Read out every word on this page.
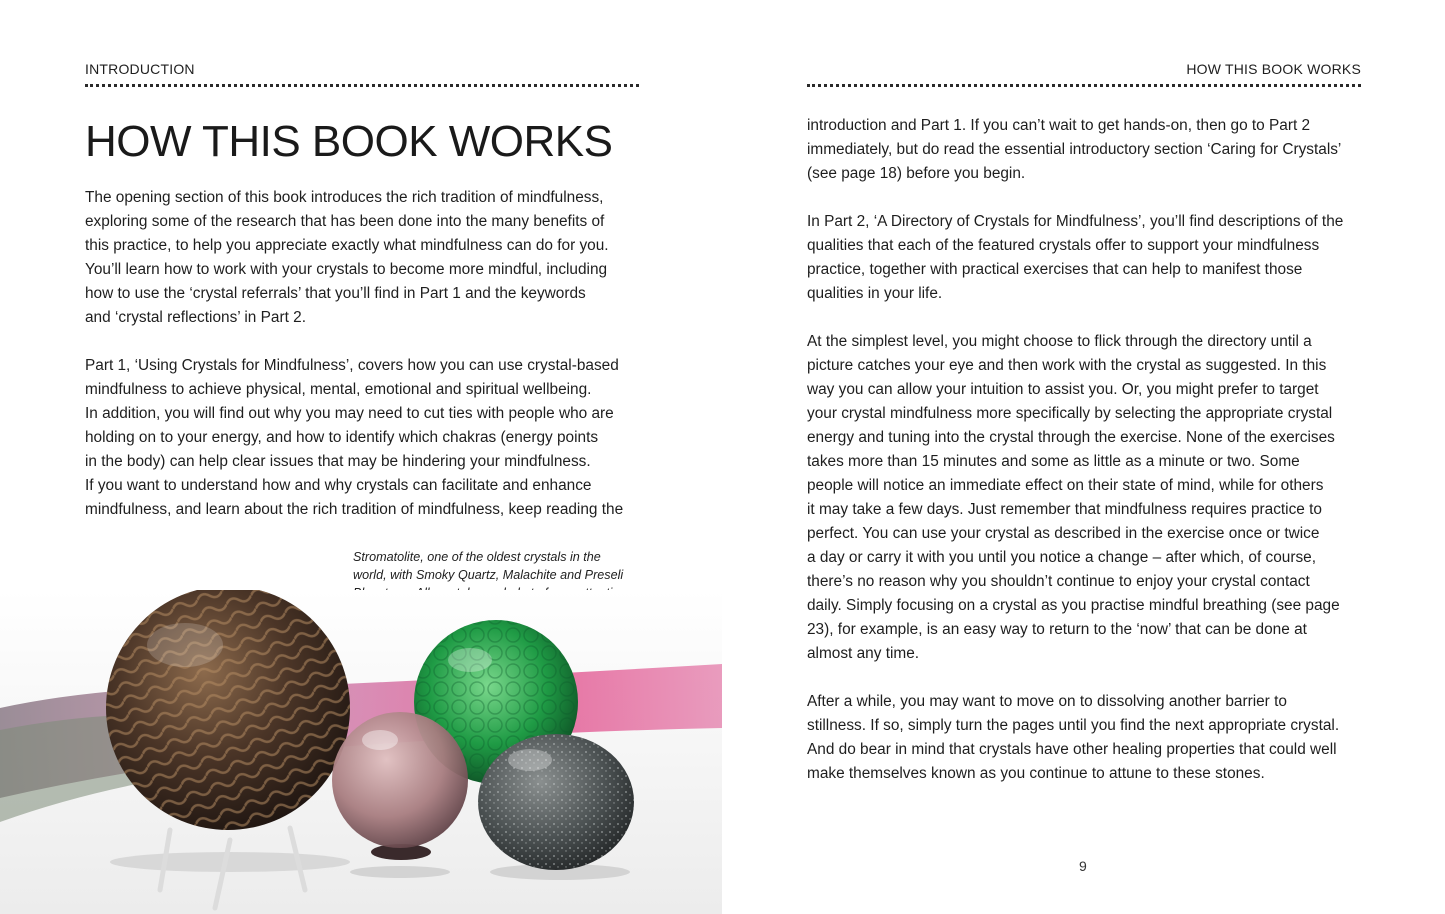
INTRODUCTION
HOW THIS BOOK WORKS

The opening section of this book introduces the rich tradition of mindfulness,
exploring some of the research that has been done into the many benefits of
this practice, to help you appreciate exactly what mindfulness can do for you.
You’ll learn how to work with your crystals to become more mindful, including
how to use the ‘crystal referrals’ that you’ll find in Part 1 and the keywords
and ‘crystal reflections’ in Part 2.

Part 1, ‘Using Crystals for Mindfulness’, covers how you can use crystal-based
mindfulness to achieve physical, mental, emotional and spiritual wellbeing.
In addition, you will find out why you may need to cut ties with people who are
holding on to your energy, and how to identify which chakras (energy points
in the body) can help clear issues that may be hindering your mindfulness.
If you want to understand how and why crystals can facilitate and enhance
mindfulness, and learn about the rich tradition of mindfulness, keep reading the

Stromatolite, one of the oldest crystals in the
world, with Smoky Quartz, Malachite and Preseli
HOW THIS BOOK WORKS

introduction and Part 1. If you can’t wait to get hands-on, then go to Part 2
immediately, but do read the essential introductory section ‘Caring for Crystals’
(see page 18) before you begin.

In Part 2, ‘A Directory of Crystals for Mindfulness’, you’ll find descriptions of the
qualities that each of the featured crystals offer to support your mindfulness
practice, together with practical exercises that can help to manifest those
qualities in your life.

At the simplest level, you might choose to flick through the directory until a
picture catches your eye and then work with the crystal as suggested. In this
way you can allow your intuition to assist you. Or, you might prefer to target
your crystal mindfulness more specifically by selecting the appropriate crystal
energy and tuning into the crystal through the exercise. None of the exercises
takes more than 15 minutes and some as little as a minute or two. Some
people will notice an immediate effect on their state of mind, while for others
it may take a few days. Just remember that mindfulness requires practice to
perfect. You can use your crystal as described in the exercise once or twice
a day or carry it with you until you notice a change – after which, of course,
there’s no reason why you shouldn’t continue to enjoy your crystal contact
daily. Simply focusing on a crystal as you practise mindful breathing (see page
23), for example, is an easy way to return to the ‘now’ that can be done at
almost any time.

After a while, you may want to move on to dissolving another barrier to
stillness. If so, simply turn the pages until you find the next appropriate crystal.
And do bear in mind that crystals have other healing properties that could well
make themselves known as you continue to attune to these stones.

9
